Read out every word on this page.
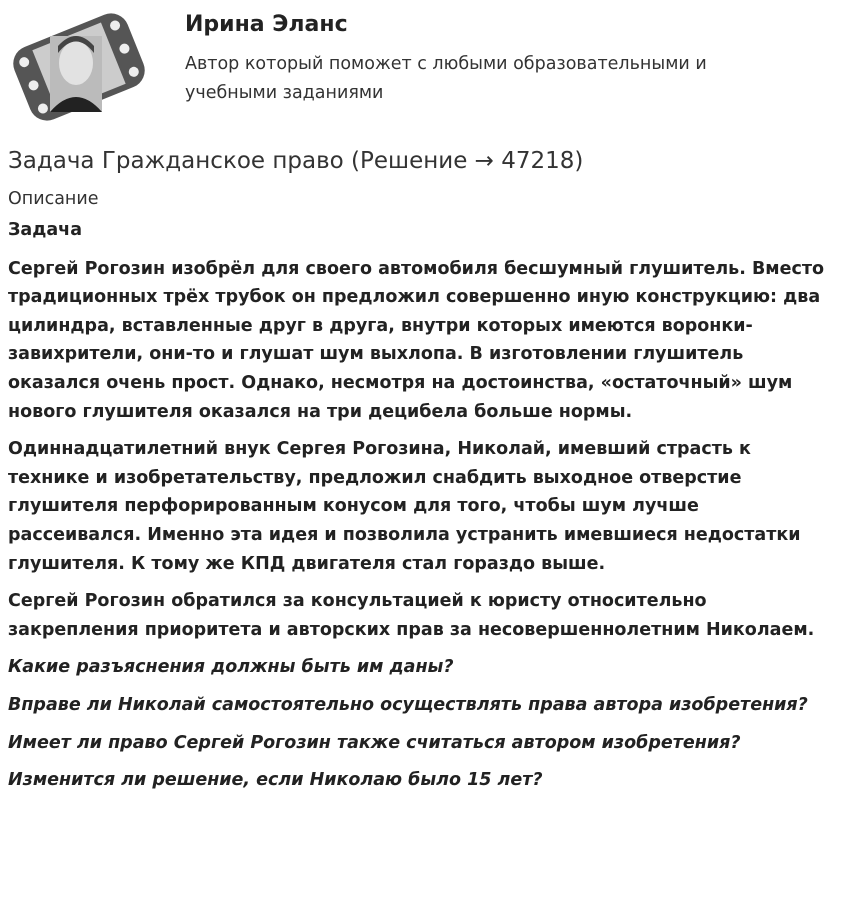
Ирина Эланс
Автор который поможет с любыми образовательными и учебными заданиями
Задача Гражданское право (Решение → 47218)
Описание

Задача

Сергей Рогозин изобрёл для своего автомобиля бесшумный глушитель. Вместо традиционных трёх трубок он предложил совершенно иную конструкцию: два цилиндра, вставленные друг в друга, внутри которых имеются воронки-завихрители, они-то и глушат шум выхлопа. В изготовлении глушитель оказался очень прост. Однако, несмотря на достоинства, «остаточный» шум нового глушителя оказался на три децибела больше нормы.

Одиннадцатилетний внук Сергея Рогозина, Николай, имевший страсть к технике и изобретательству, предложил снабдить выходное отверстие глушителя перфорированным конусом для того, чтобы шум лучше рассеивался. Именно эта идея и позволила устранить имевшиеся недостатки глушителя. К тому же КПД двигателя стал гораздо выше.

Сергей Рогозин обратился за консультацией к юристу относительно закрепления приоритета и авторских прав за несовершеннолетним Николаем.

Какие разъяснения должны быть им даны?

Вправе ли Николай самостоятельно осуществлять права автора изобретения?

Имеет ли право Сергей Рогозин также считаться автором изобретения?

Изменится ли решение, если Николаю было 15 лет?
